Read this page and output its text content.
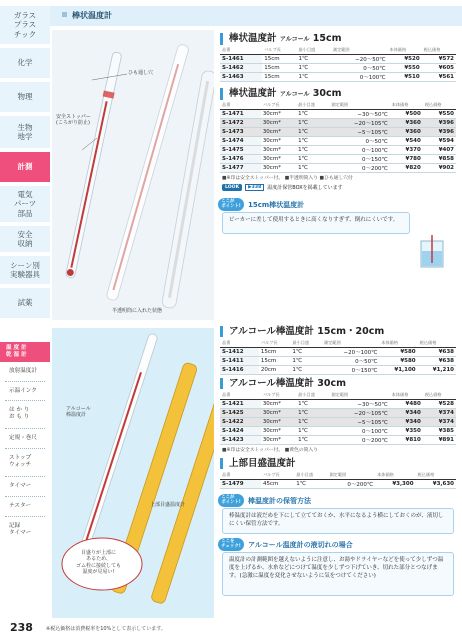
ガラス
プラス
チック
化学
物理
生物
地学
計測
電気
パーツ
部品
安全
収納
シーン別
実験器具
試薬
温 度 計
乾 湿 計
放射温度計
示温インク
は か り
お も り
定規・巻尺
ストップ
ウォッチ
タイマー
テスター
記録
タイマー
棒状温度計
ひも通し穴
安全ストッパー
(ころがり防止)
半透明筒に入れた状態
アルコール
棒温度計
上部目盛温度計
目盛りが上部に
あるため、
ゴム栓に接続しても
温度が見易い!
棒状温度計 アルコール 15cm
品番	バルブ長	最小目盛	測定範囲	本体価格	税込価格
S-1461	15cm	1℃	−20〜50℃	¥520	¥572
S-1462	15cm	1℃	0〜50℃	¥550	¥605
S-1463	15cm	1℃	0〜100℃	¥510	¥561
棒状温度計 アルコール 30cm
品番	バルブ長	最小目盛	測定範囲	本体価格	税込価格
S-1471	30cm*	1℃	−30〜50℃	¥500	¥550
S-1472	30cm*	1℃	−20〜105℃	¥360	¥396
S-1473	30cm*	1℃	−5〜105℃	¥360	¥396
S-1474	30cm*	1℃	0〜50℃	¥540	¥594
S-1475	30cm*	1℃	0〜100℃	¥370	¥407
S-1476	30cm*	1℃	0〜150℃	¥780	¥858
S-1477	30cm*	1℃	0〜200℃	¥820	¥902
■※印は安全ストッパー付。 ■半透明筒入り ■ひも通し穴付
LOOK	▶338	温度計保管BOXを掲載しています
ここが
ポイント!	15cm棒状温度計
ビーカーに差して使用するときに高くなりすぎず、倒れにくいです。
アルコール棒温度計 15cm・20cm
品番	バルブ長	最小目盛	測定範囲	本体価格	税込価格
S-1412	15cm	1℃	−20〜100℃	¥580	¥638
S-1411	15cm	1℃	0〜50℃	¥580	¥638
S-1416	20cm	1℃	0〜150℃	¥1,100	¥1,210
アルコール棒温度計 30cm
品番	バルブ長	最小目盛	測定範囲	本体価格	税込価格
S-1421	30cm*	1℃	−30〜50℃	¥480	¥528
S-1425	30cm*	1℃	−20〜105℃	¥340	¥374
S-1422	30cm*	1℃	−5〜105℃	¥340	¥374
S-1424	30cm*	1℃	0〜100℃	¥350	¥385
S-1423	30cm*	1℃	0〜200℃	¥810	¥891
■※印は安全ストッパー付。 ■黄色の筒入り
上部目盛温度計
品番	バルブ長	最小目盛	測定範囲	本体価格	税込価格
S-1479	45cm	1℃	0〜200℃	¥3,300	¥3,630
ここが
ポイント!	棒温度計の保管方法
棒温度計は液だめを下にして立てておくか、水平になるよう横にしておくのが、液切しにくい保管方法です。
ここを
チェック!	アルコール温度計の液切れの場合
温度計の計測範囲を越えないように注意し、お湯やドライヤーなどを使って少しずつ温度を上げるか、水糸などにつけて温度を少しずつ下げていき、切れた部分とつなげます。(急激に温度を変化させないように気をつけてください)
238	※税込価格は消費税率を10%として表示しています。
